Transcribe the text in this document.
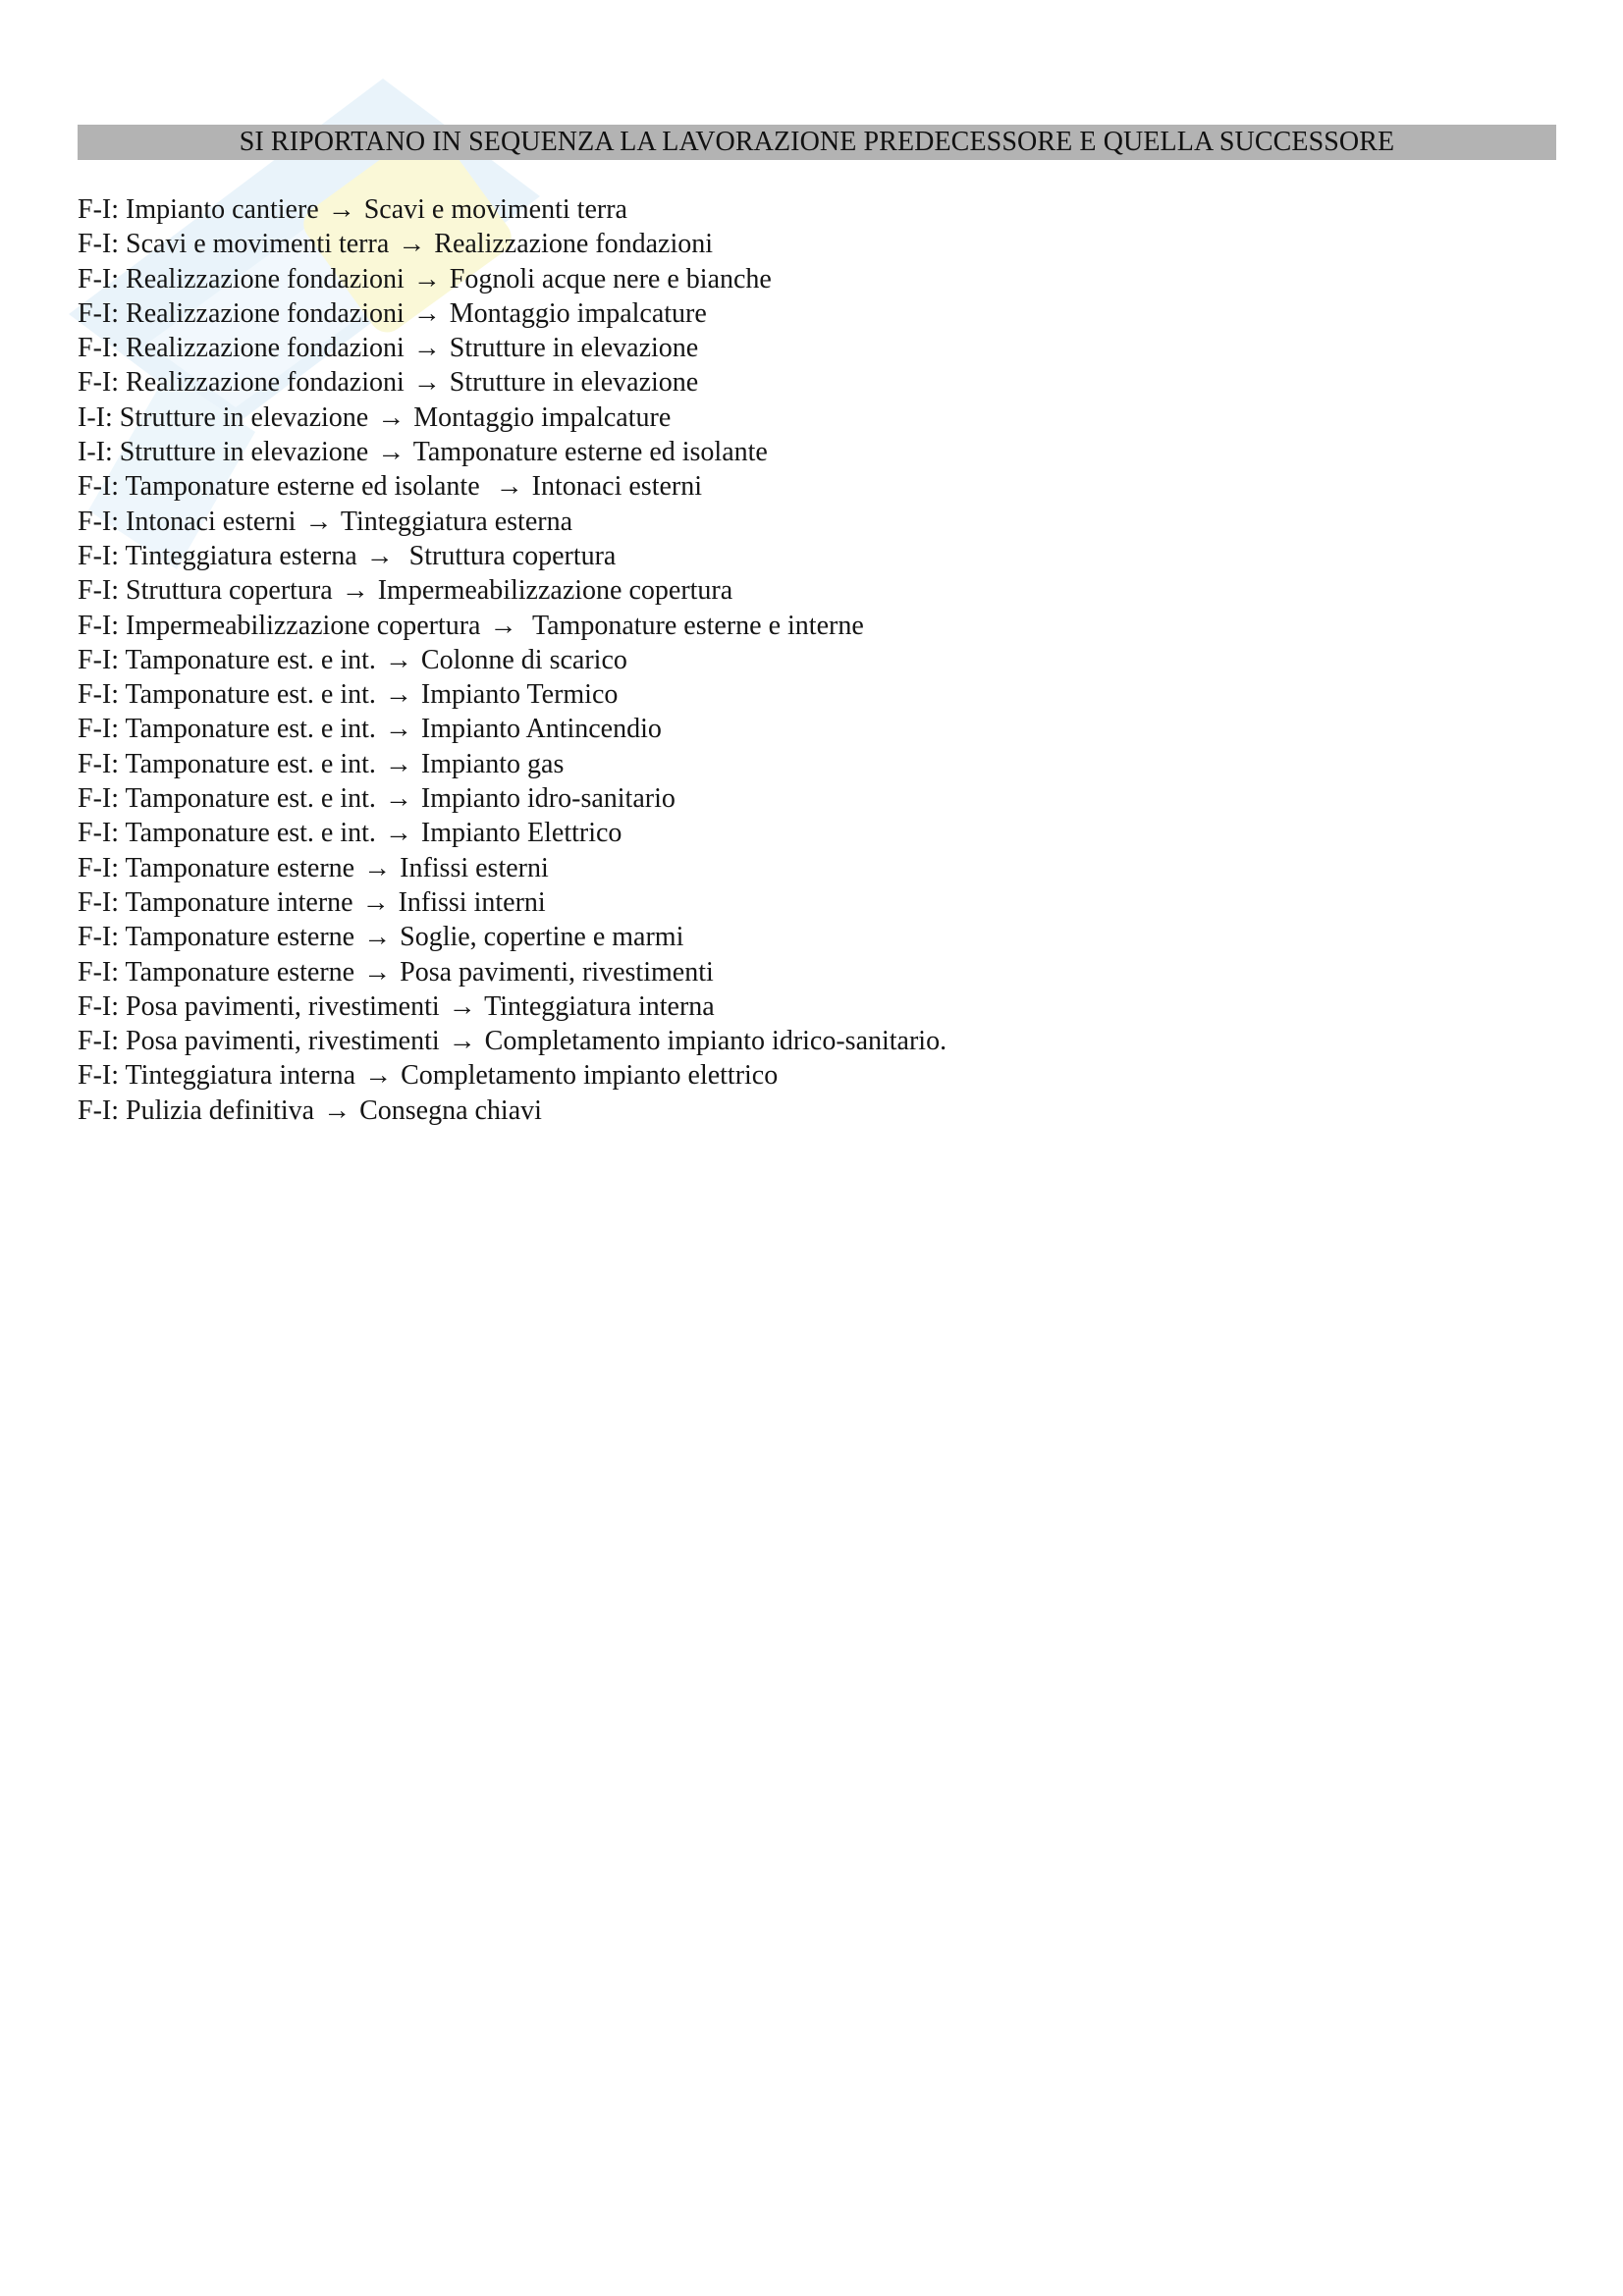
SI RIPORTANO IN SEQUENZA LA LAVORAZIONE PREDECESSORE E QUELLA SUCCESSORE
F-I: Impianto cantiere → Scavi e movimenti terra
F-I: Scavi e movimenti terra → Realizzazione fondazioni
F-I: Realizzazione fondazioni → Fognoli acque nere e bianche
F-I: Realizzazione fondazioni → Montaggio impalcature
F-I: Realizzazione fondazioni → Strutture in elevazione
F-I: Realizzazione fondazioni → Strutture in elevazione
I-I: Strutture in elevazione → Montaggio impalcature
I-I: Strutture in elevazione → Tamponature esterne ed isolante
F-I: Tamponature esterne ed isolante  → Intonaci esterni
F-I: Intonaci esterni → Tinteggiatura esterna
F-I: Tinteggiatura esterna →  Struttura copertura
F-I: Struttura copertura → Impermeabilizzazione copertura
F-I: Impermeabilizzazione copertura →  Tamponature esterne e interne
F-I: Tamponature est. e int. → Colonne di scarico
F-I: Tamponature est. e int. → Impianto Termico
F-I: Tamponature est. e int. → Impianto Antincendio
F-I: Tamponature est. e int. → Impianto gas
F-I: Tamponature est. e int. → Impianto idro-sanitario
F-I: Tamponature est. e int. → Impianto Elettrico
F-I: Tamponature esterne → Infissi esterni
F-I: Tamponature interne → Infissi interni
F-I: Tamponature esterne → Soglie, copertine e marmi
F-I: Tamponature esterne → Posa pavimenti, rivestimenti
F-I: Posa pavimenti, rivestimenti → Tinteggiatura interna
F-I: Posa pavimenti, rivestimenti → Completamento impianto idrico-sanitario.
F-I: Tinteggiatura interna → Completamento impianto elettrico
F-I: Pulizia definitiva → Consegna chiavi
